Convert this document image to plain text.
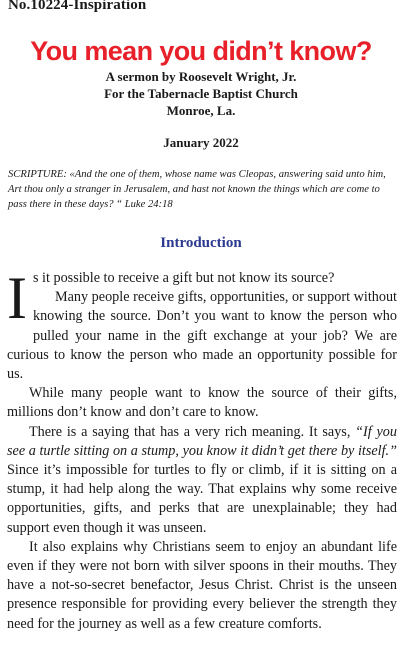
No.10224-Inspiration
You mean you didn’t know?
A sermon by Roosevelt Wright, Jr.
For the Tabernacle Baptist Church
Monroe, La.
January 2022
SCRIPTURE: «And the one of them, whose name was Cleopas, answering said unto him, Art thou only a stranger in Jerusalem, and hast not known the things which are come to pass there in these days? “ Luke 24:18
Introduction

Is it possible to receive a gift but not know its source?

Many people receive gifts, opportunities, or support without knowing the source. Don’t you want to know the person who pulled your name in the gift exchange at your job? We are curious to know the person who made an opportunity possible for us.

While many people want to know the source of their gifts, millions don’t know and don’t care to know.

There is a saying that has a very rich meaning. It says, “If you see a turtle sitting on a stump, you know it didn’t get there by itself.” Since it’s impossible for turtles to fly or climb, if it is sitting on a stump, it had help along the way. That explains why some receive opportunities, gifts, and perks that are unexplainable; they had support even though it was unseen.

It also explains why Christians seem to enjoy an abundant life even if they were not born with silver spoons in their mouths. They have a not-so-secret benefactor, Jesus Christ. Christ is the unseen presence responsible for providing every believer the strength they need for the journey as well as a few creature comforts.
